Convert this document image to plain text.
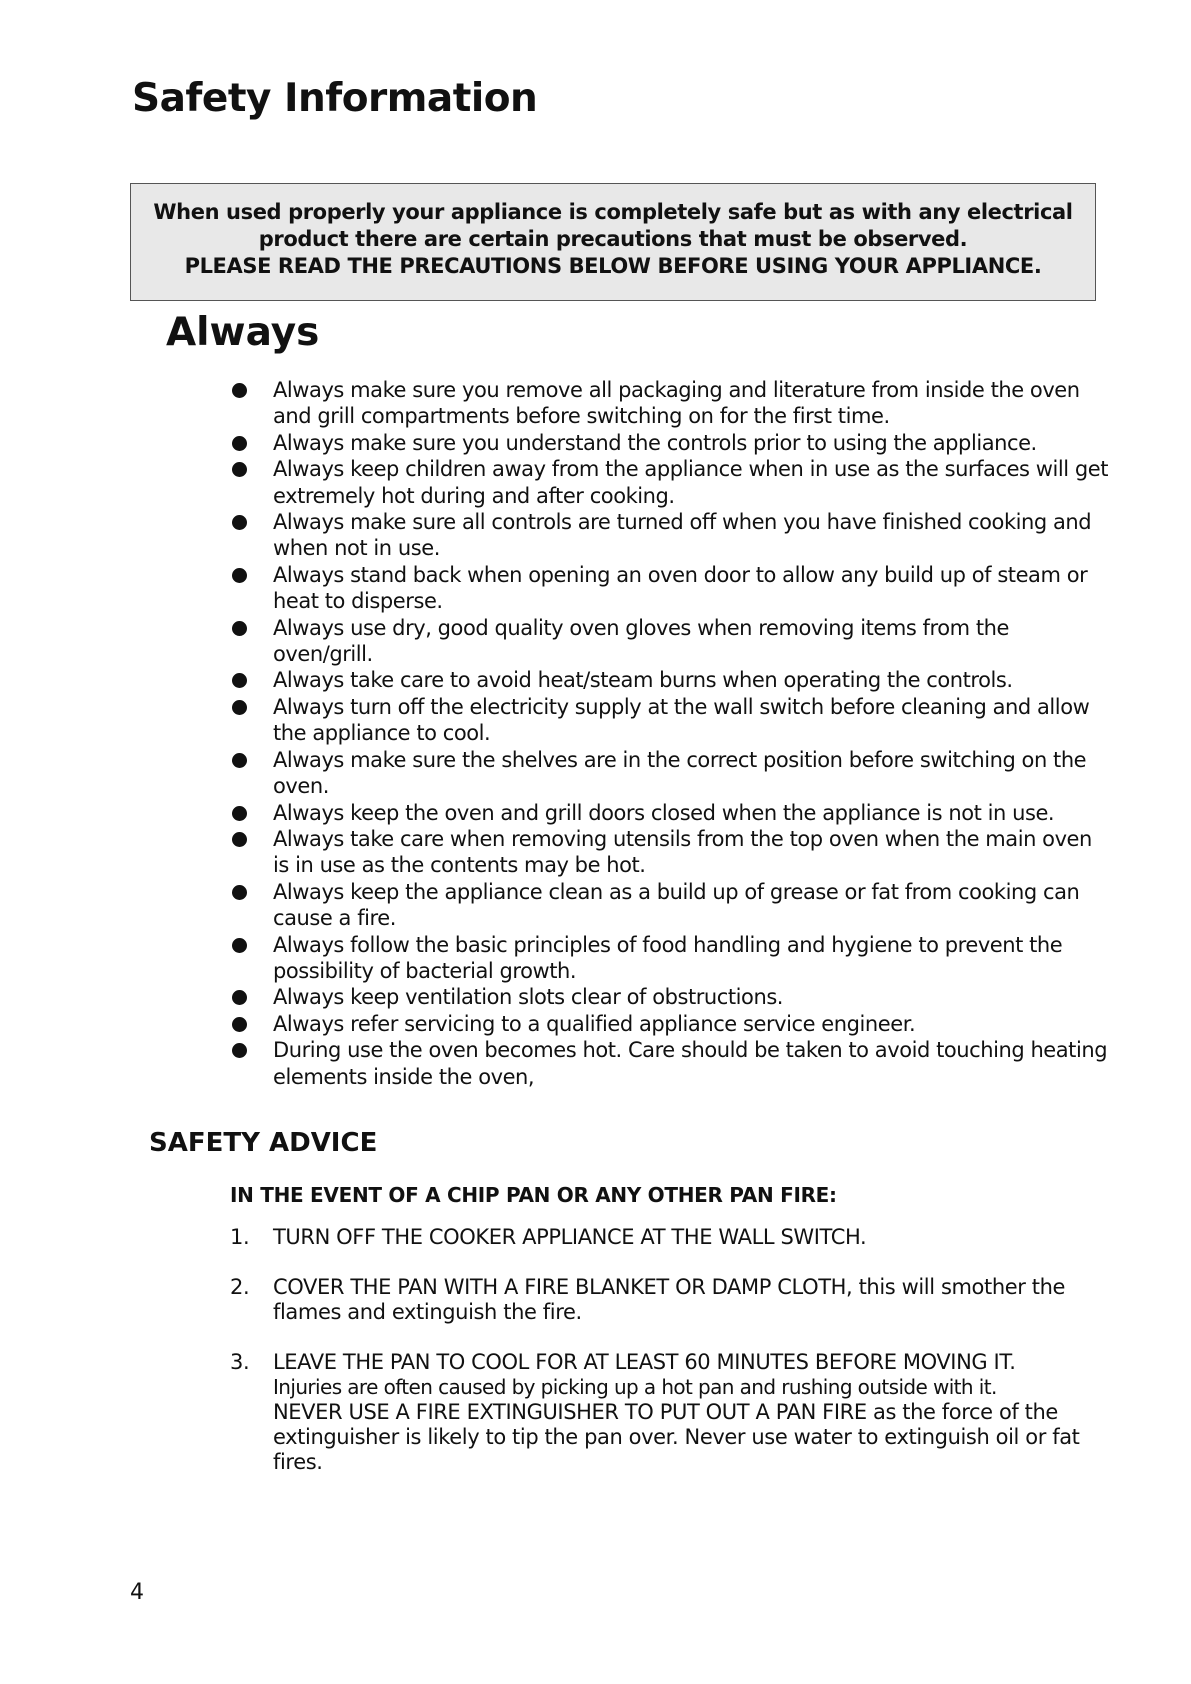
Safety Information
When used properly your appliance is completely safe but as with any electrical
product there are certain precautions that must be observed.
PLEASE READ THE PRECAUTIONS BELOW BEFORE USING YOUR APPLIANCE.
Always
Always make sure you remove all packaging and literature from inside the oven and grill compartments before switching on for the first time.
Always make sure you understand the controls prior to using the appliance.
Always keep children away from the appliance when in use as the surfaces will get extremely hot during and after cooking.
Always make sure all controls are turned off when you have finished cooking and when not in use.
Always stand back when opening an oven door to allow any build up of steam or heat to disperse.
Always use dry, good quality oven gloves when removing items from the oven/grill.
Always take care to avoid heat/steam burns when operating the controls.
Always turn off the electricity supply at the wall switch before cleaning and allow the appliance to cool.
Always make sure the shelves are in the correct position before switching on the oven.
Always keep the oven and grill doors closed when the appliance is not in use.
Always take care when removing utensils from the top oven when the main oven is in use as the contents may be hot.
Always keep the appliance clean as a build up of grease or fat from cooking can cause a fire.
Always follow the basic principles of food handling and hygiene to prevent the possibility of bacterial growth.
Always keep ventilation slots clear of obstructions.
Always refer servicing to a qualified appliance service engineer.
During use the oven becomes hot. Care should be taken to avoid touching heating elements inside the oven,
SAFETY ADVICE
IN THE EVENT OF A CHIP PAN OR ANY OTHER PAN FIRE:
1. TURN OFF THE COOKER APPLIANCE AT THE WALL SWITCH.
2. COVER THE PAN WITH A FIRE BLANKET OR DAMP CLOTH, this will smother the flames and extinguish the fire.
3. LEAVE THE PAN TO COOL FOR AT LEAST 60 MINUTES BEFORE MOVING IT.
Injuries are often caused by picking up a hot pan and rushing outside with it.
NEVER USE A FIRE EXTINGUISHER TO PUT OUT A PAN FIRE as the force of the extinguisher is likely to tip the pan over. Never use water to extinguish oil or fat fires.
4
